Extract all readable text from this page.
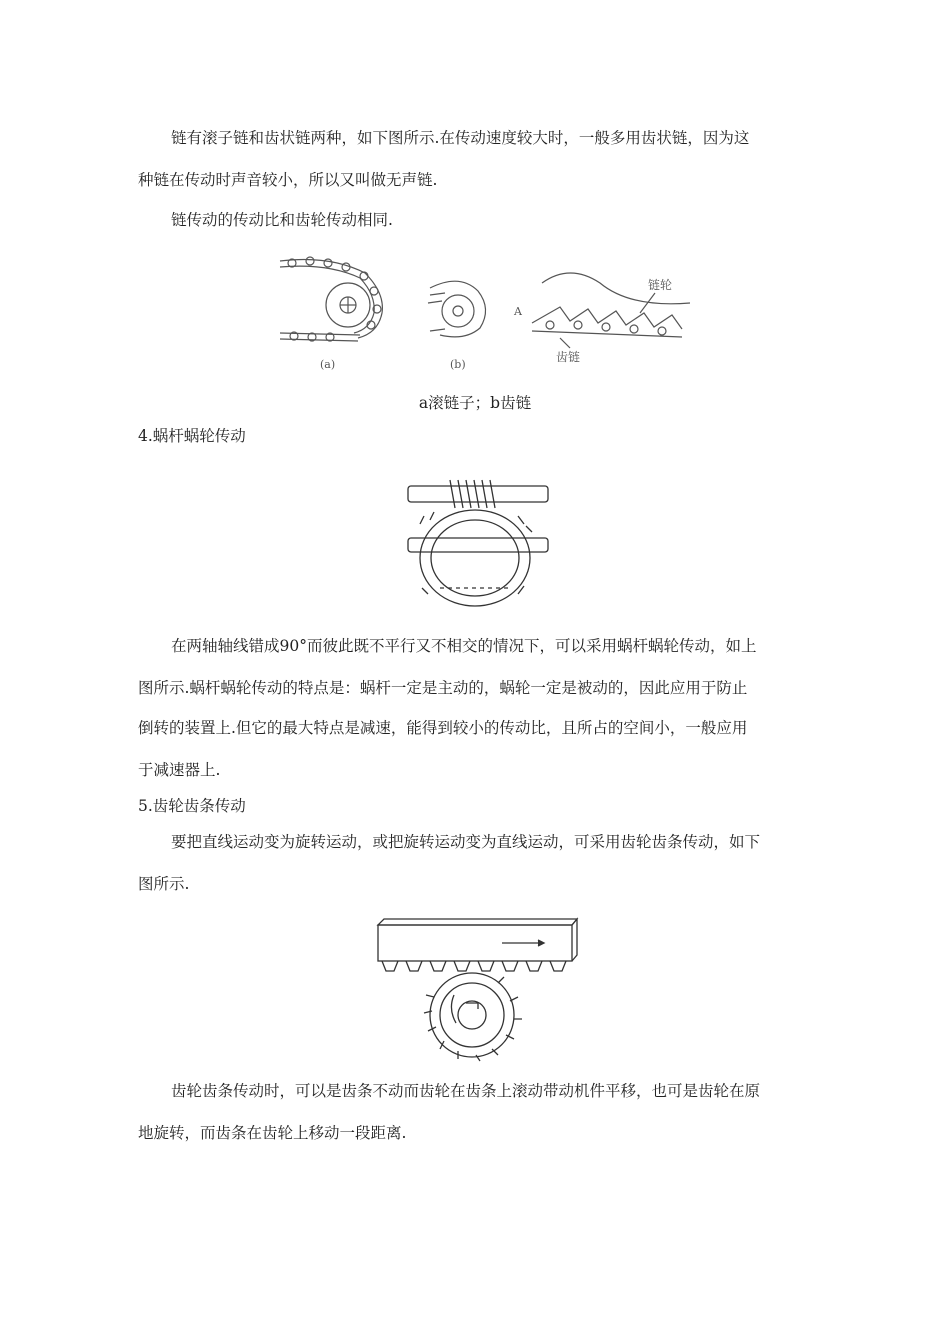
链有滚子链和齿状链两种，如下图所示.在传动速度较大时，一般多用齿状链，因为这
种链在传动时声音较小，所以又叫做无声链.
链传动的传动比和齿轮传动相同.
(a)	(b)
链轮
A
齿链
a滚链子；b齿链
4.蜗杆蜗轮传动
在两轴轴线错成90°而彼此既不平行又不相交的情况下，可以采用蜗杆蜗轮传动，如上
图所示.蜗杆蜗轮传动的特点是：蜗杆一定是主动的，蜗轮一定是被动的，因此应用于防止
倒转的装置上.但它的最大特点是减速，能得到较小的传动比，且所占的空间小，一般应用
于减速器上.
5.齿轮齿条传动
要把直线运动变为旋转运动，或把旋转运动变为直线运动，可采用齿轮齿条传动，如下
图所示.
齿轮齿条传动时，可以是齿条不动而齿轮在齿条上滚动带动机件平移，也可是齿轮在原
地旋转，而齿条在齿轮上移动一段距离.
